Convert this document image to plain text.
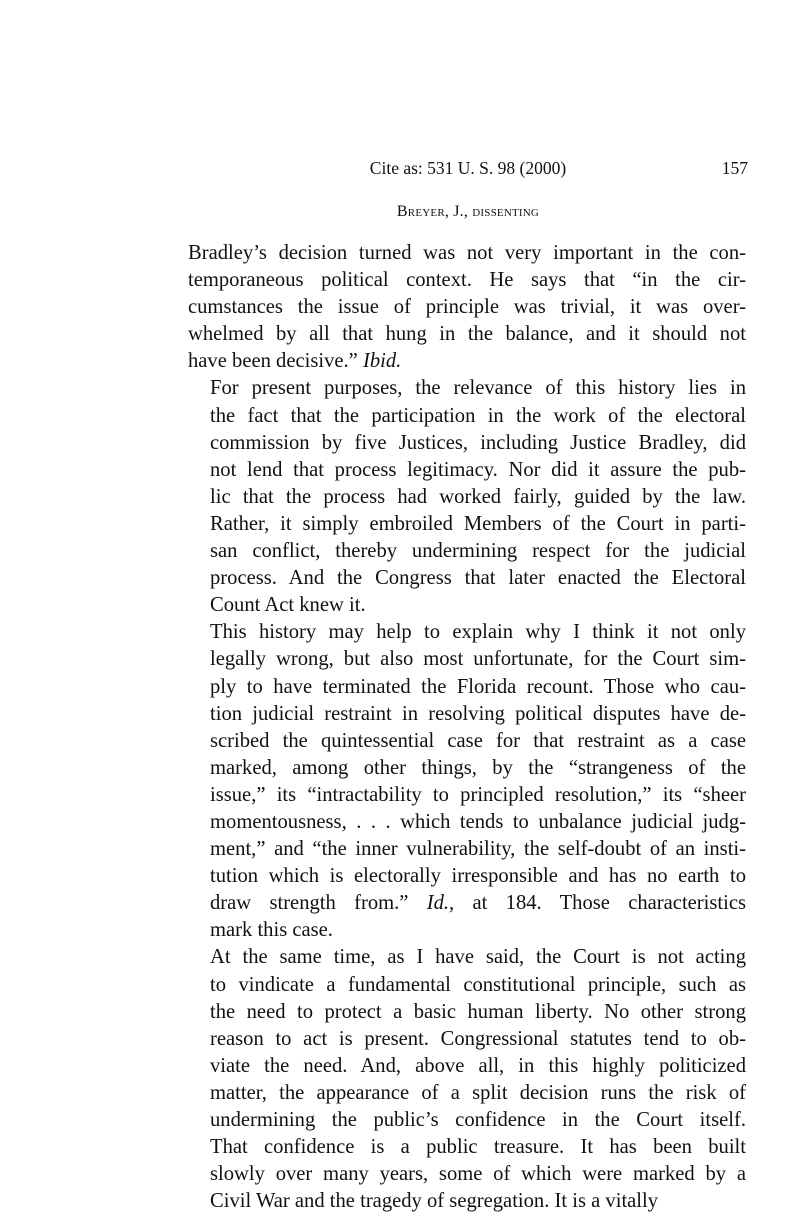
Cite as: 531 U. S. 98 (2000)	157
Breyer, J., dissenting

Bradley’s decision turned was not very important in the con-
temporaneous political context. He says that “in the cir-
cumstances the issue of principle was trivial, it was over-
whelmed by all that hung in the balance, and it should not
have been decisive.” Ibid.

For present purposes, the relevance of this history lies in
the fact that the participation in the work of the electoral
commission by five Justices, including Justice Bradley, did
not lend that process legitimacy. Nor did it assure the pub-
lic that the process had worked fairly, guided by the law.
Rather, it simply embroiled Members of the Court in parti-
san conflict, thereby undermining respect for the judicial
process. And the Congress that later enacted the Electoral
Count Act knew it.

This history may help to explain why I think it not only
legally wrong, but also most unfortunate, for the Court sim-
ply to have terminated the Florida recount. Those who cau-
tion judicial restraint in resolving political disputes have de-
scribed the quintessential case for that restraint as a case
marked, among other things, by the “strangeness of the
issue,” its “intractability to principled resolution,” its “sheer
momentousness, . . . which tends to unbalance judicial judg-
ment,” and “the inner vulnerability, the self-doubt of an insti-
tution which is electorally irresponsible and has no earth to
draw strength from.” Id., at 184. Those characteristics
mark this case.

At the same time, as I have said, the Court is not acting
to vindicate a fundamental constitutional principle, such as
the need to protect a basic human liberty. No other strong
reason to act is present. Congressional statutes tend to ob-
viate the need. And, above all, in this highly politicized
matter, the appearance of a split decision runs the risk of
undermining the public’s confidence in the Court itself.
That confidence is a public treasure. It has been built
slowly over many years, some of which were marked by a
Civil War and the tragedy of segregation. It is a vitally
